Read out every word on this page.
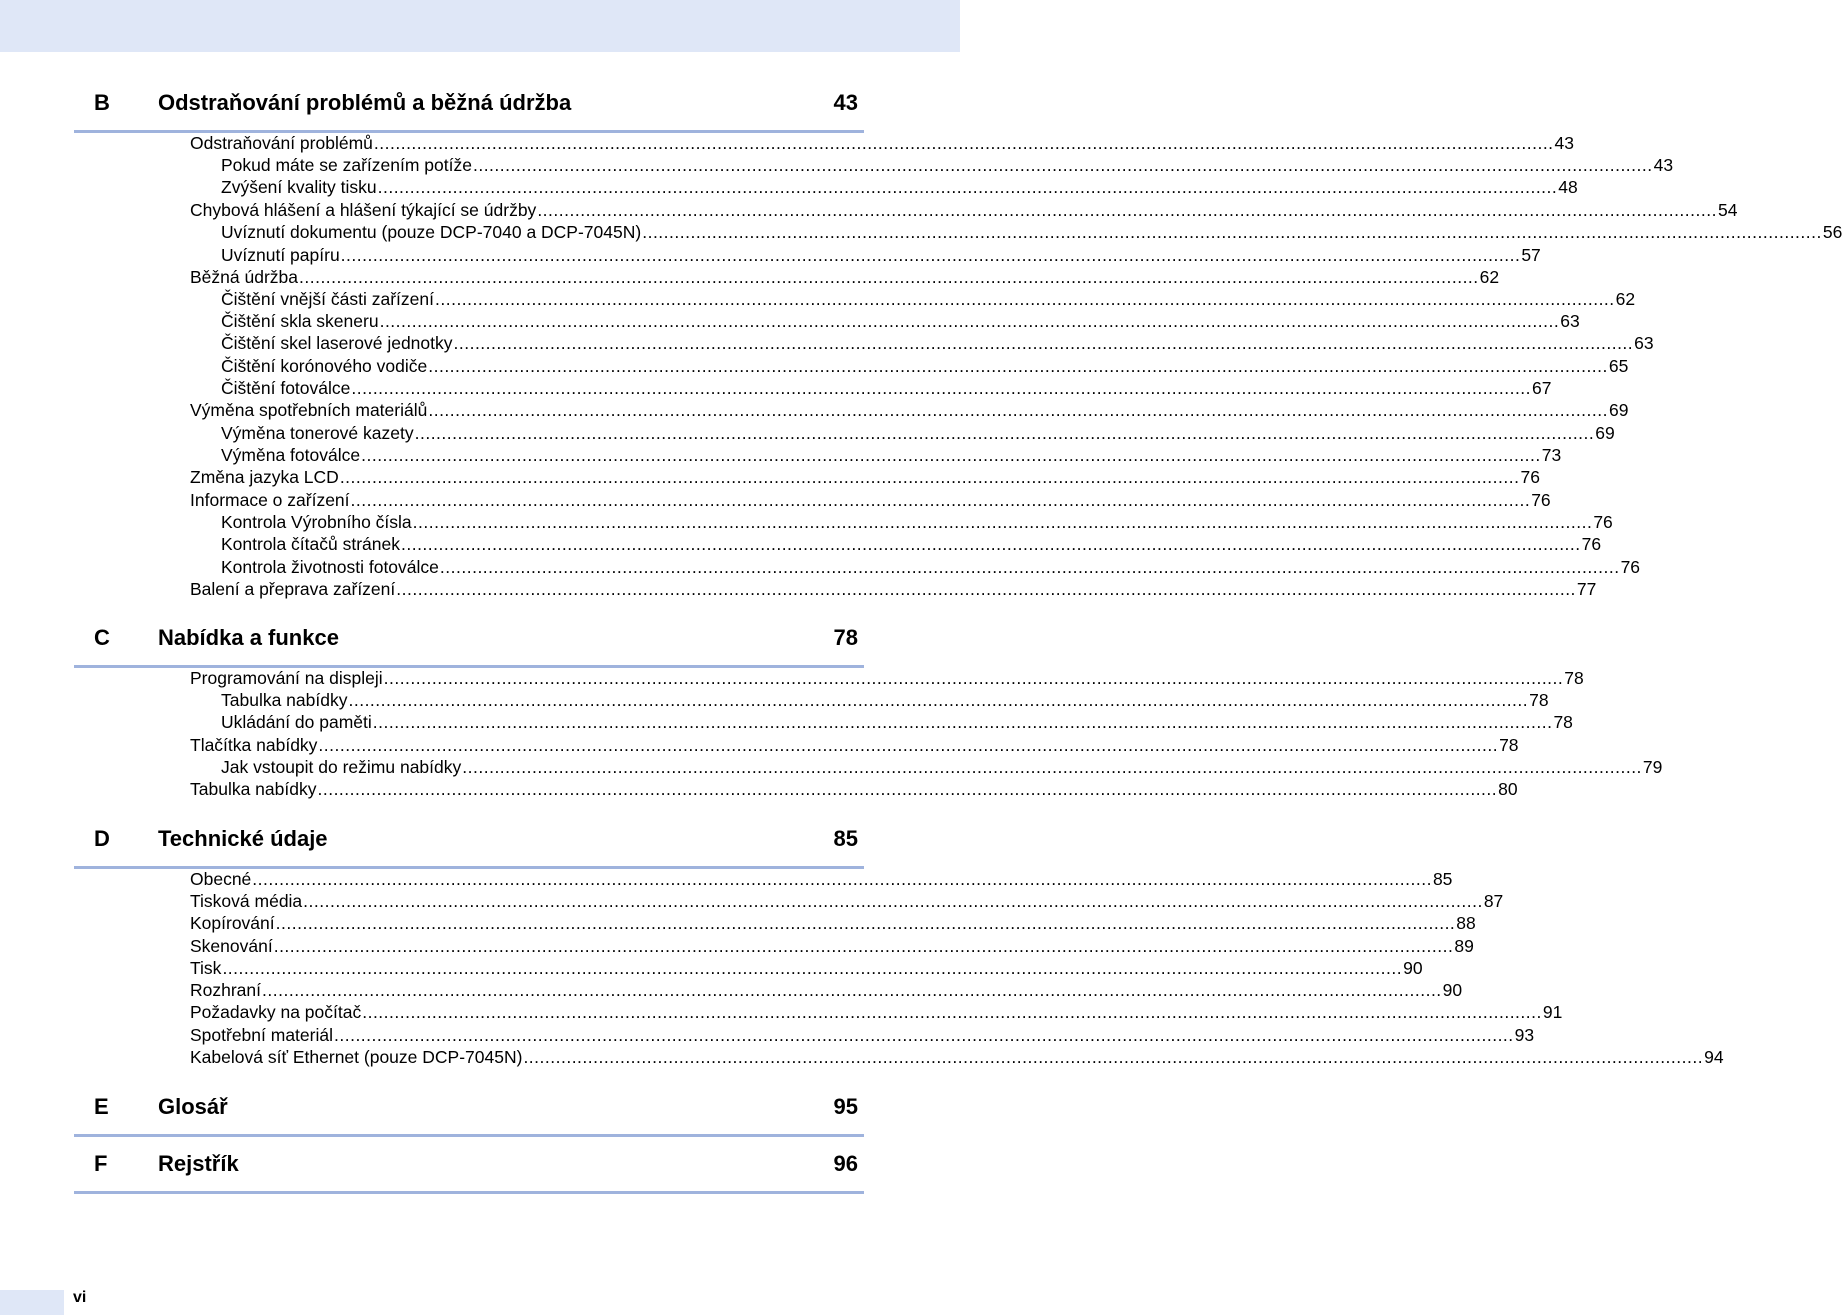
B Odstraňování problémů a běžná údržba	43
C Nabídka a funkce	78
D Technické údaje	85
E Glosář	95
F Rejstřík	96
Odstraňování problémů ............................................................................................................................................................................................................................ 43
Pokud máte se zařízením potíže ............................................................................................................................................................................................................................ 43
Zvýšení kvality tisku ............................................................................................................................................................................................................................ 48
Chybová hlášení a hlášení týkající se údržby ............................................................................................................................................................................................................................ 54
Uvíznutí dokumentu (pouze DCP-7040 a DCP-7045N) ............................................................................................................................................................................................................................ 56
Uvíznutí papíru ............................................................................................................................................................................................................................ 57
Běžná údržba ............................................................................................................................................................................................................................ 62
Čištění vnější části zařízení ............................................................................................................................................................................................................................ 62
Čištění skla skeneru ............................................................................................................................................................................................................................ 63
Čištění skel laserové jednotky ............................................................................................................................................................................................................................ 63
Čištění korónového vodiče ............................................................................................................................................................................................................................ 65
Čištění fotoválce ............................................................................................................................................................................................................................ 67
Výměna spotřebních materiálů ............................................................................................................................................................................................................................ 69
Výměna tonerové kazety ............................................................................................................................................................................................................................ 69
Výměna fotoválce ............................................................................................................................................................................................................................ 73
Změna jazyka LCD ............................................................................................................................................................................................................................ 76
Informace o zařízení ............................................................................................................................................................................................................................ 76
Kontrola Výrobního čísla ............................................................................................................................................................................................................................ 76
Kontrola čítačů stránek ............................................................................................................................................................................................................................ 76
Kontrola životnosti fotoválce ............................................................................................................................................................................................................................ 76
Balení a přeprava zařízení ............................................................................................................................................................................................................................ 77
Programování na displeji ............................................................................................................................................................................................................................ 78
Tabulka nabídky ............................................................................................................................................................................................................................ 78
Ukládání do paměti ............................................................................................................................................................................................................................ 78
Tlačítka nabídky ............................................................................................................................................................................................................................ 78
Jak vstoupit do režimu nabídky ............................................................................................................................................................................................................................ 79
Tabulka nabídky ............................................................................................................................................................................................................................ 80
Obecné ............................................................................................................................................................................................................................ 85
Tisková média ............................................................................................................................................................................................................................ 87
Kopírování ............................................................................................................................................................................................................................ 88
Skenování ............................................................................................................................................................................................................................ 89
Tisk ............................................................................................................................................................................................................................ 90
Rozhraní ............................................................................................................................................................................................................................ 90
Požadavky na počítač ............................................................................................................................................................................................................................ 91
Spotřební materiál ............................................................................................................................................................................................................................ 93
Kabelová síť Ethernet (pouze DCP-7045N) ............................................................................................................................................................................................................................ 94
vi
